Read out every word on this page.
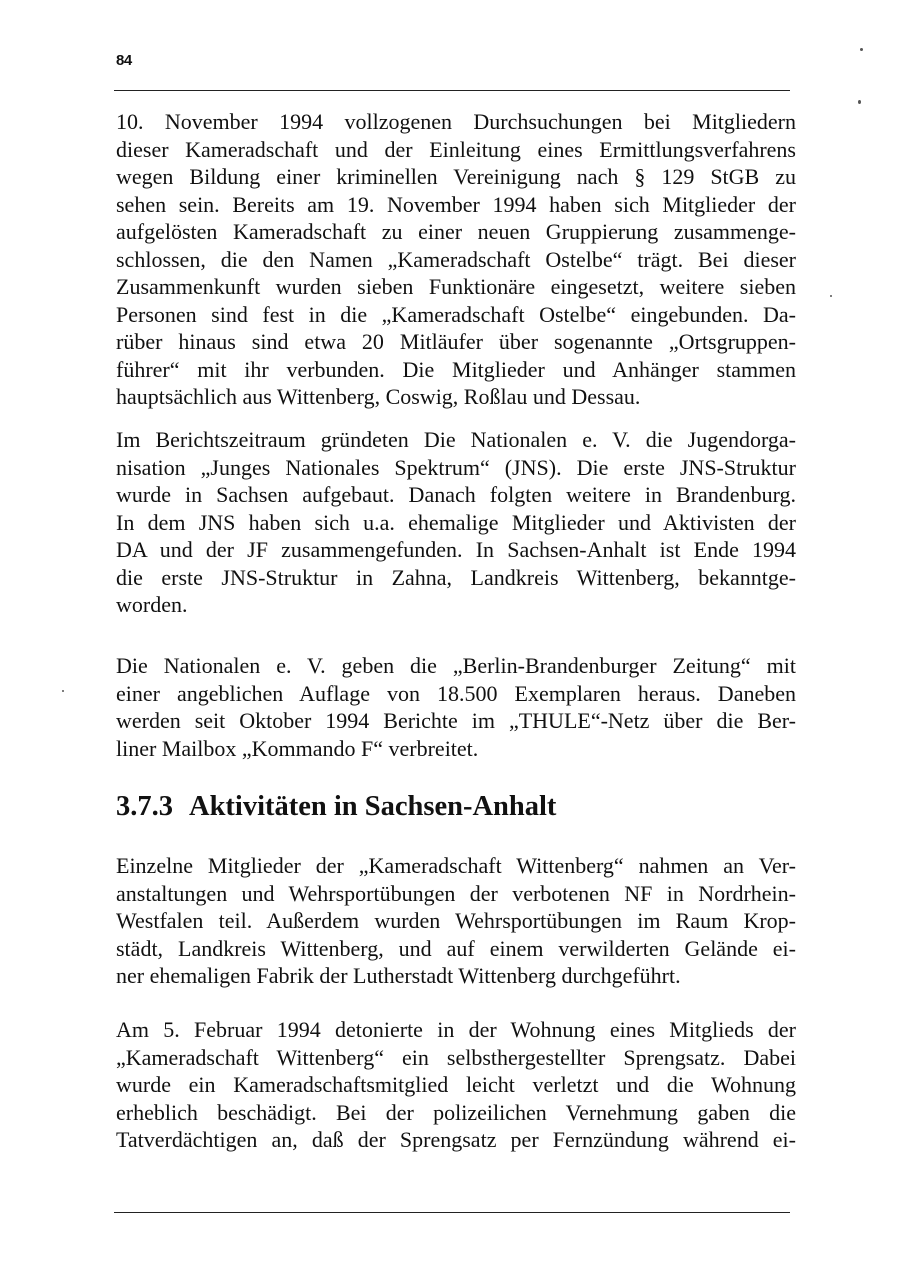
84
10. November 1994 vollzogenen Durchsuchungen bei Mitgliedern
dieser Kameradschaft und der Einleitung eines Ermittlungsverfahrens
wegen Bildung einer kriminellen Vereinigung nach § 129 StGB zu
sehen sein. Bereits am 19. November 1994 haben sich Mitglieder der
aufgelösten Kameradschaft zu einer neuen Gruppierung zusammenge-
schlossen, die den Namen „Kameradschaft Ostelbe“ trägt. Bei dieser
Zusammenkunft wurden sieben Funktionäre eingesetzt, weitere sieben
Personen sind fest in die „Kameradschaft Ostelbe“ eingebunden. Da-
rüber hinaus sind etwa 20 Mitläufer über sogenannte „Ortsgruppen-
führer“ mit ihr verbunden. Die Mitglieder und Anhänger stammen
hauptsächlich aus Wittenberg, Coswig, Roßlau und Dessau.
Im Berichtszeitraum gründeten Die Nationalen e. V. die Jugendorga-
nisation „Junges Nationales Spektrum“ (JNS). Die erste JNS-Struktur
wurde in Sachsen aufgebaut. Danach folgten weitere in Brandenburg.
In dem JNS haben sich u.a. ehemalige Mitglieder und Aktivisten der
DA und der JF zusammengefunden. In Sachsen-Anhalt ist Ende 1994
die erste JNS-Struktur in Zahna, Landkreis Wittenberg, bekanntge-
worden.
Die Nationalen e. V. geben die „Berlin-Brandenburger Zeitung“ mit
einer angeblichen Auflage von 18.500 Exemplaren heraus. Daneben
werden seit Oktober 1994 Berichte im „THULE“-Netz über die Ber-
liner Mailbox „Kommando F“ verbreitet.
3.7.3 Aktivitäten in Sachsen-Anhalt
Einzelne Mitglieder der „Kameradschaft Wittenberg“ nahmen an Ver-
anstaltungen und Wehrsportübungen der verbotenen NF in Nordrhein-
Westfalen teil. Außerdem wurden Wehrsportübungen im Raum Krop-
städt, Landkreis Wittenberg, und auf einem verwilderten Gelände ei-
ner ehemaligen Fabrik der Lutherstadt Wittenberg durchgeführt.
Am 5. Februar 1994 detonierte in der Wohnung eines Mitglieds der
„Kameradschaft Wittenberg“ ein selbsthergestellter Sprengsatz. Dabei
wurde ein Kameradschaftsmitglied leicht verletzt und die Wohnung
erheblich beschädigt. Bei der polizeilichen Vernehmung gaben die
Tatverdächtigen an, daß der Sprengsatz per Fernzündung während ei-
